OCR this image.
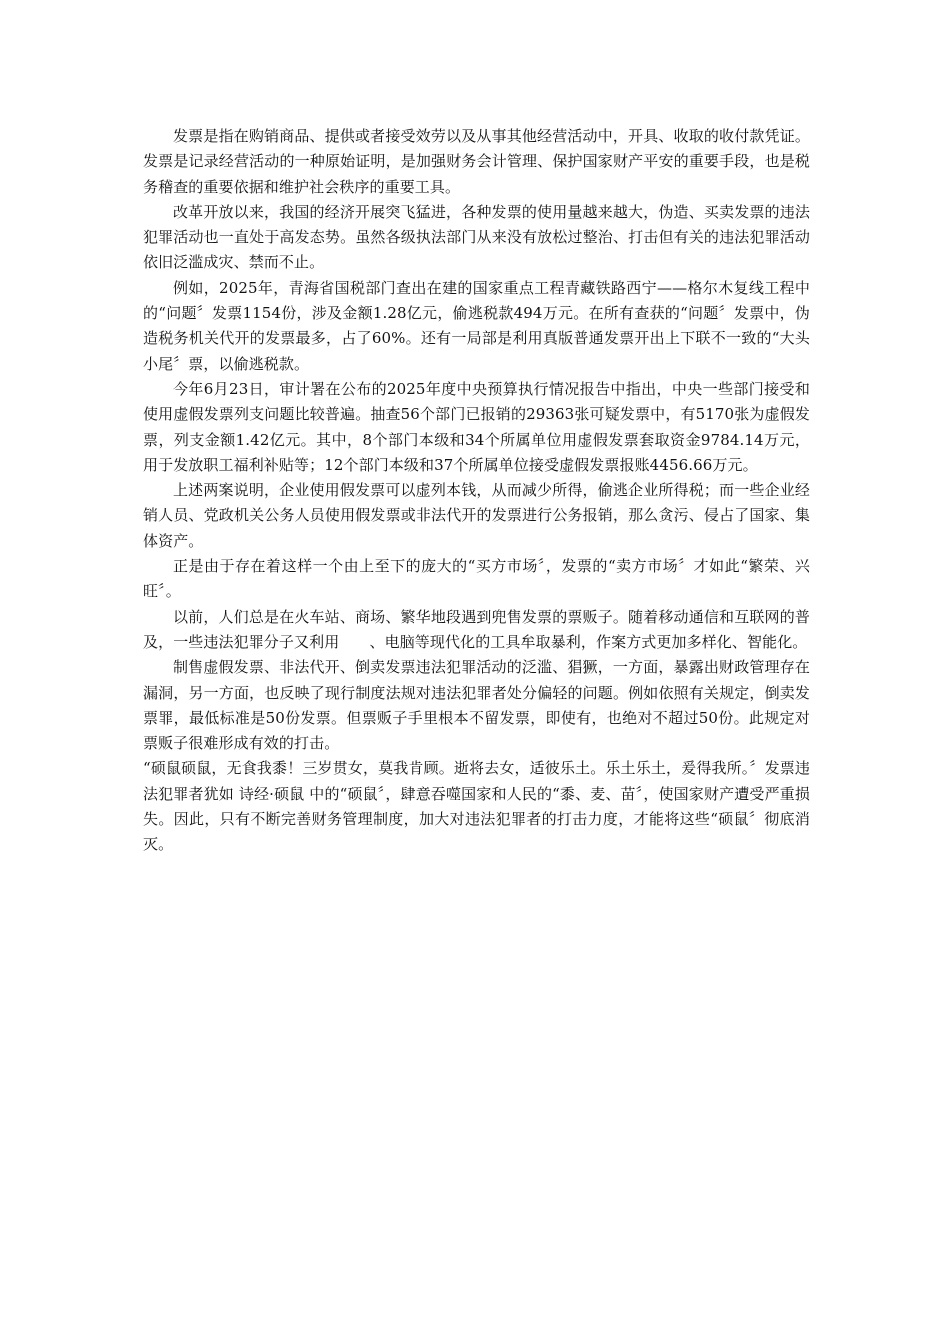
发票是指在购销商品、提供或者接受效劳以及从事其他经营活动中，开具、收取的收付款凭证。发票是记录经营活动的一种原始证明，是加强财务会计管理、保护国家财产平安的重要手段，也是税务稽查的重要依据和维护社会秩序的重要工具。

改革开放以来，我国的经济开展突飞猛进，各种发票的使用量越来越大，伪造、买卖发票的违法犯罪活动也一直处于高发态势。虽然各级执法部门从来没有放松过整治、打击但有关的违法犯罪活动依旧泛滥成灾、禁而不止。

例如，2025年，青海省国税部门查出在建的国家重点工程青藏铁路西宁——格尔木复线工程中的“问题〞发票1154份，涉及金额1.28亿元，偷逃税款494万元。在所有查获的“问题〞发票中，伪造税务机关代开的发票最多，占了60%。还有一局部是利用真版普通发票开出上下联不一致的“大头小尾〞票，以偷逃税款。

今年6月23日，审计署在公布的2025年度中央预算执行情况报告中指出，中央一些部门接受和使用虚假发票列支问题比较普遍。抽查56个部门已报销的29363张可疑发票中，有5170张为虚假发票，列支金额1.42亿元。其中，8个部门本级和34个所属单位用虚假发票套取资金9784.14万元，用于发放职工福利补贴等；12个部门本级和37个所属单位接受虚假发票报账4456.66万元。

上述两案说明，企业使用假发票可以虚列本钱，从而减少所得，偷逃企业所得税；而一些企业经销人员、党政机关公务人员使用假发票或非法代开的发票进行公务报销，那么贪污、侵占了国家、集体资产。

正是由于存在着这样一个由上至下的庞大的“买方市场〞，发票的“卖方市场〞才如此“繁荣、兴旺〞。

以前，人们总是在火车站、商场、繁华地段遇到兜售发票的票贩子。随着移动通信和互联网的普及，一些违法犯罪分子又利用　　、电脑等现代化的工具牟取暴利，作案方式更加多样化、智能化。

制售虚假发票、非法代开、倒卖发票违法犯罪活动的泛滥、猖獗，一方面，暴露出财政管理存在漏洞，另一方面，也反映了现行制度法规对违法犯罪者处分偏轻的问题。例如依照有关规定，倒卖发票罪，最低标准是50份发票。但票贩子手里根本不留发票，即使有，也绝对不超过50份。此规定对票贩子很难形成有效的打击。

“硕鼠硕鼠，无食我黍！三岁贯女，莫我肯顾。逝将去女，适彼乐土。乐土乐土，爰得我所。〞发票违法犯罪者犹如 诗经·硕鼠 中的“硕鼠〞，肆意吞噬国家和人民的“黍、麦、苗〞，使国家财产遭受严重损失。因此，只有不断完善财务管理制度，加大对违法犯罪者的打击力度，才能将这些“硕鼠〞彻底消灭。
